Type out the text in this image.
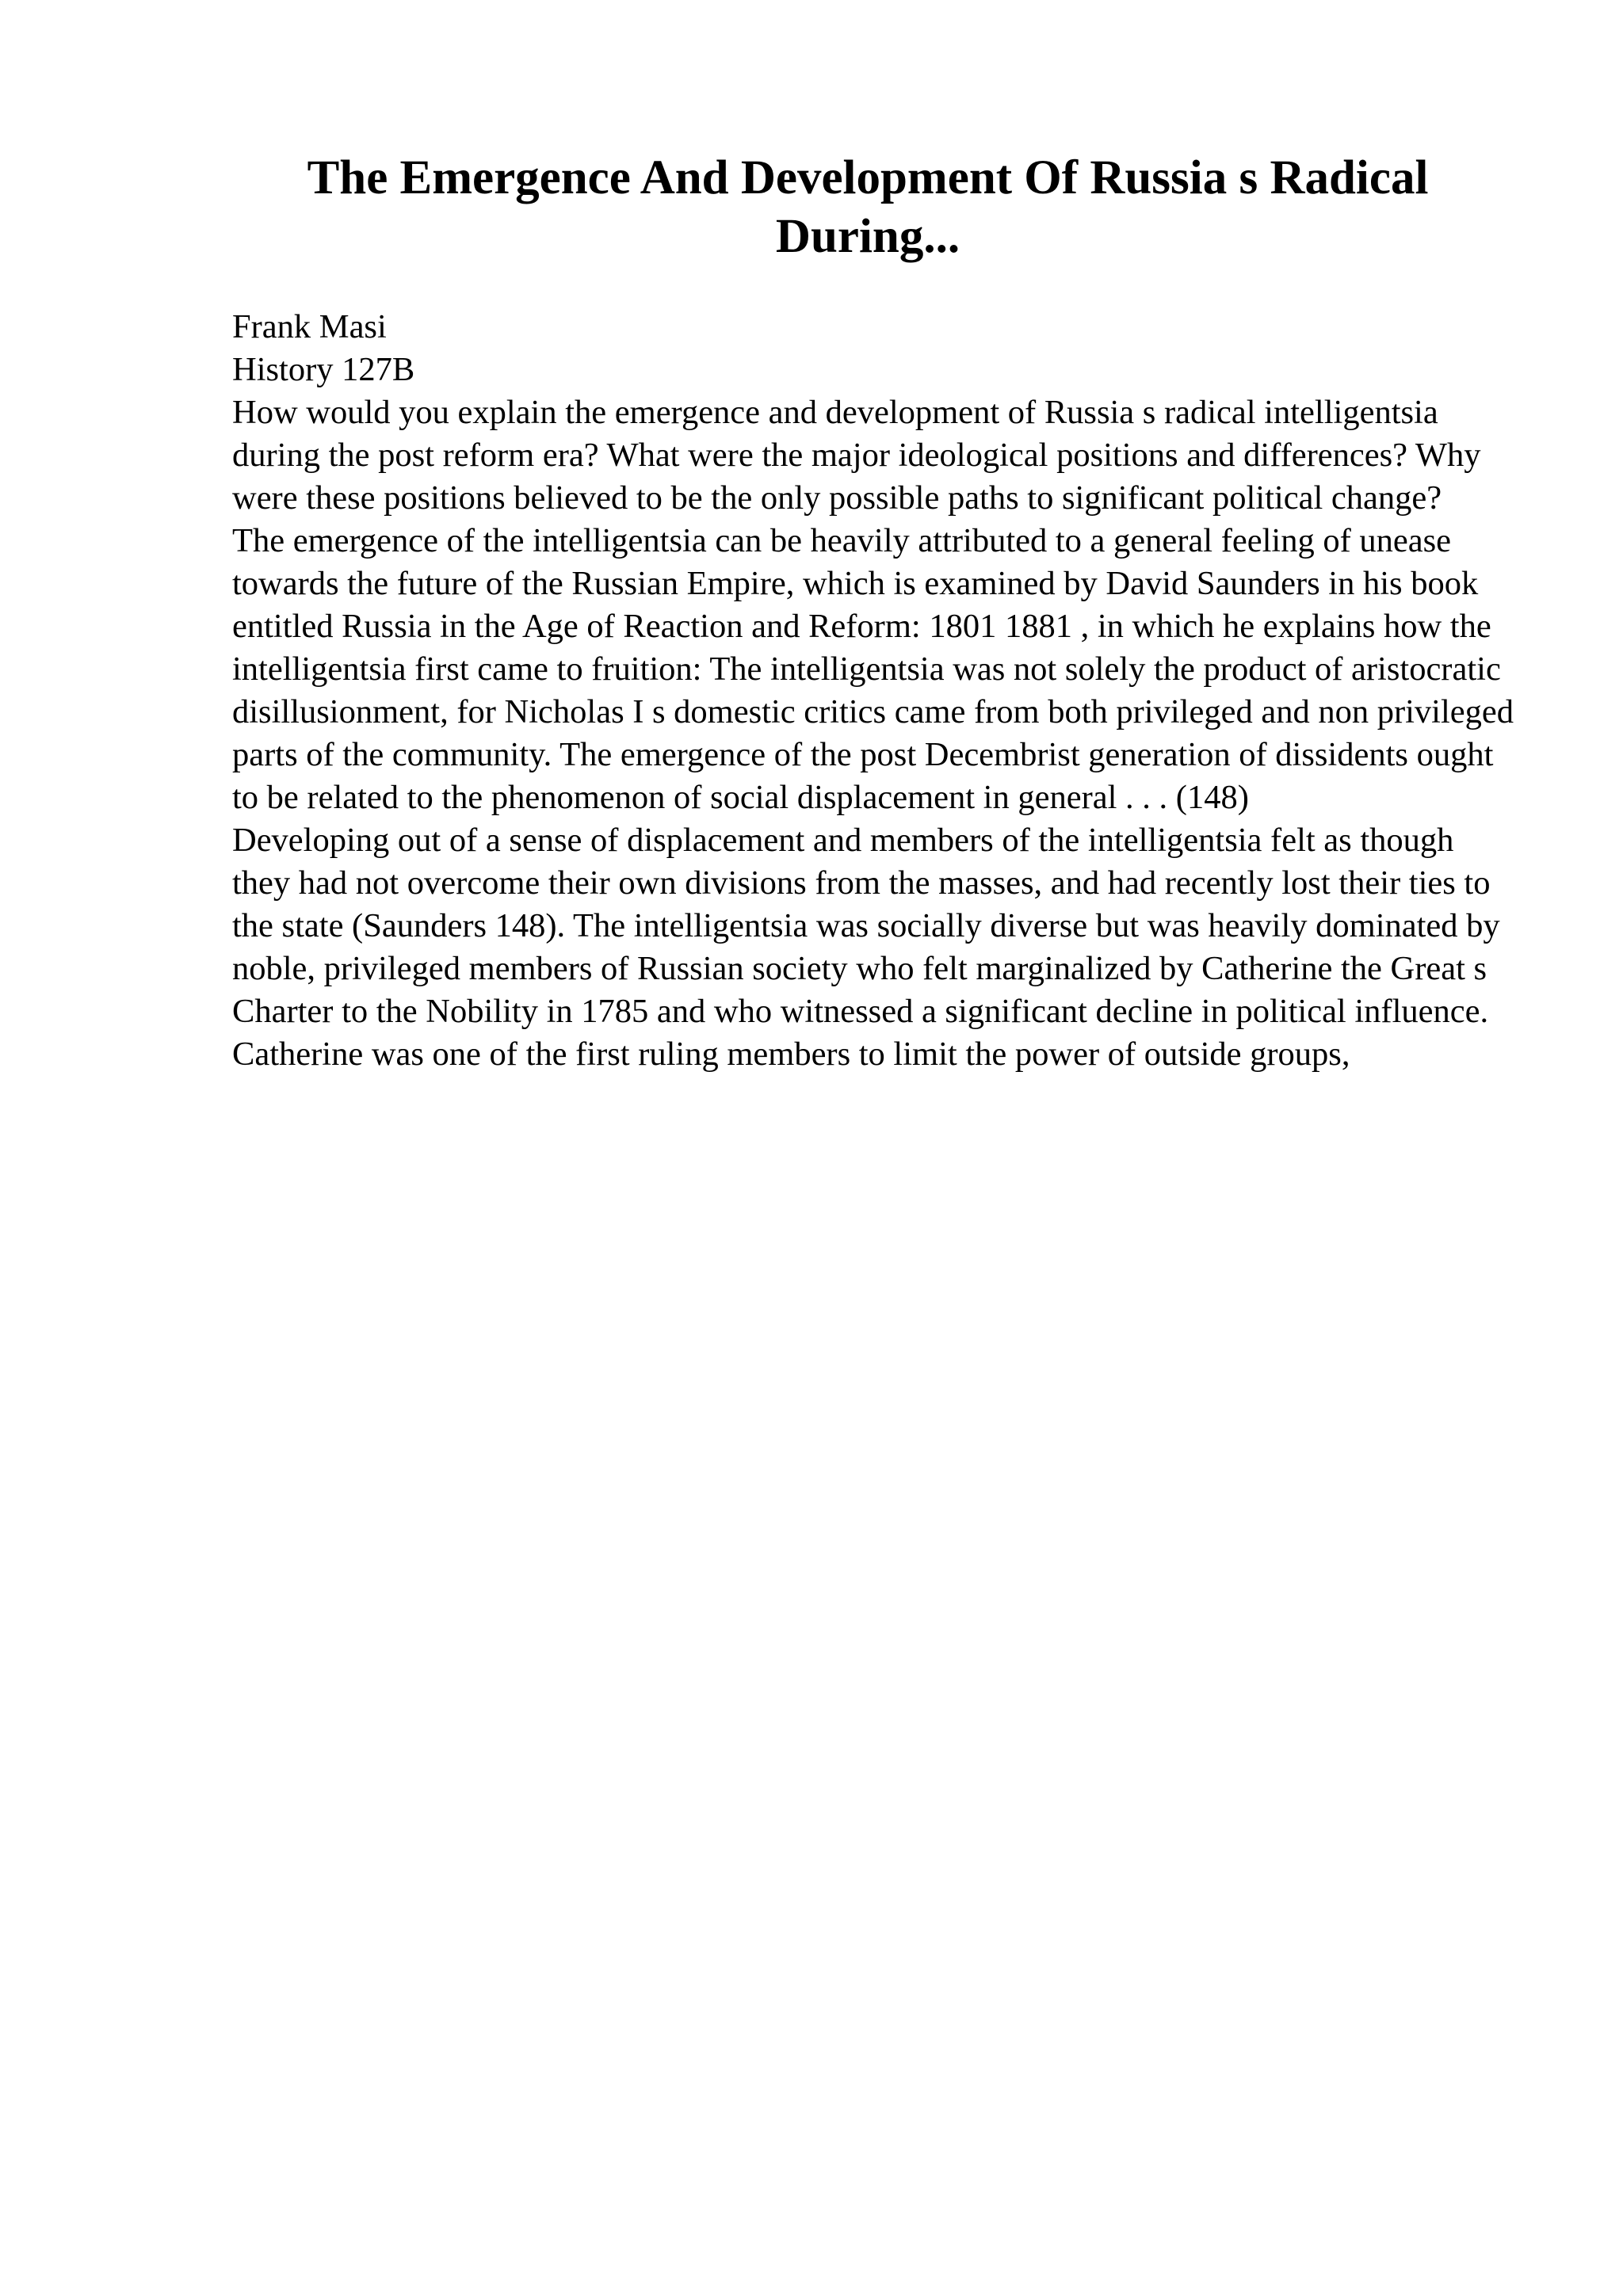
The Emergence And Development Of Russia s Radical During...

Frank Masi

History 127B

How would you explain the emergence and development of Russia s radical intelligentsia during the post reform era? What were the major ideological positions and differences? Why were these positions believed to be the only possible paths to significant political change?

The emergence of the intelligentsia can be heavily attributed to a general feeling of unease towards the future of the Russian Empire, which is examined by David Saunders in his book entitled Russia in the Age of Reaction and Reform: 1801 1881 , in which he explains how the intelligentsia first came to fruition: The intelligentsia was not solely the product of aristocratic disillusionment, for Nicholas I s domestic critics came from both privileged and non privileged parts of the community. The emergence of the post Decembrist generation of dissidents ought to be related to the phenomenon of social displacement in general . . . (148)

Developing out of a sense of displacement and members of the intelligentsia felt as though they had not overcome their own divisions from the masses, and had recently lost their ties to the state (Saunders 148). The intelligentsia was socially diverse but was heavily dominated by noble, privileged members of Russian society who felt marginalized by Catherine the Great s Charter to the Nobility in 1785 and who witnessed a significant decline in political influence. Catherine was one of the first ruling members to limit the power of outside groups,
